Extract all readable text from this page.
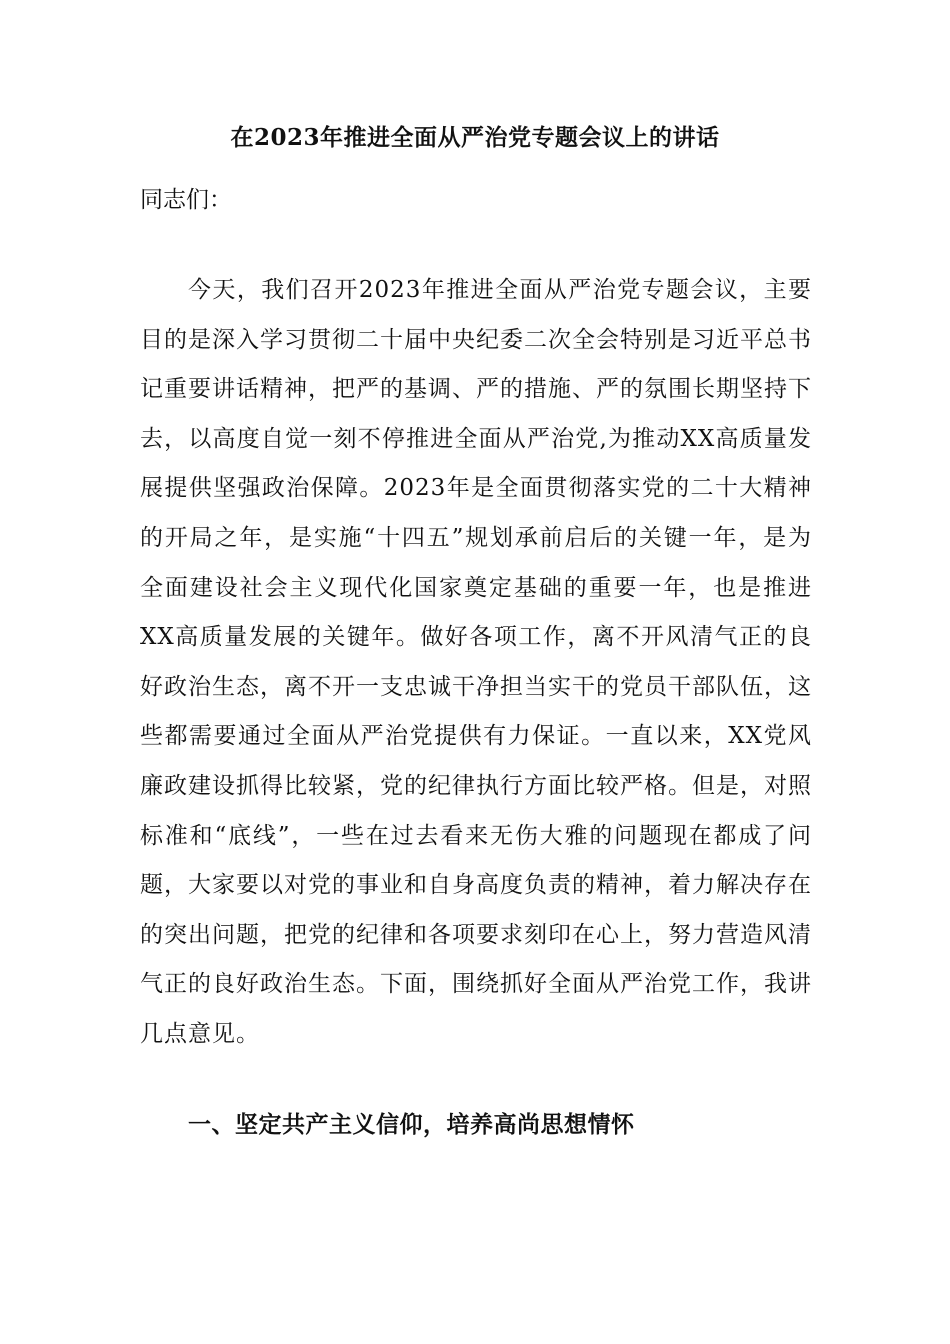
在2023年推进全面从严治党专题会议上的讲话
同志们：

今天，我们召开2023年推进全面从严治党专题会议，主要目的是深入学习贯彻二十届中央纪委二次全会特别是习近平总书记重要讲话精神，把严的基调、严的措施、严的氛围长期坚持下去，以高度自觉一刻不停推进全面从严治党,为推动XX高质量发展提供坚强政治保障。2023年是全面贯彻落实党的二十大精神的开局之年，是实施“十四五”规划承前启后的关键一年，是为全面建设社会主义现代化国家奠定基础的重要一年，也是推进XX高质量发展的关键年。做好各项工作，离不开风清气正的良好政治生态，离不开一支忠诚干净担当实干的党员干部队伍，这些都需要通过全面从严治党提供有力保证。一直以来，XX党风廉政建设抓得比较紧，党的纪律执行方面比较严格。但是，对照标准和“底线”，一些在过去看来无伤大雅的问题现在都成了问题，大家要以对党的事业和自身高度负责的精神，着力解决存在的突出问题，把党的纪律和各项要求刻印在心上，努力营造风清气正的良好政治生态。下面，围绕抓好全面从严治党工作，我讲几点意见。

一、坚定共产主义信仰，培养高尚思想情怀
